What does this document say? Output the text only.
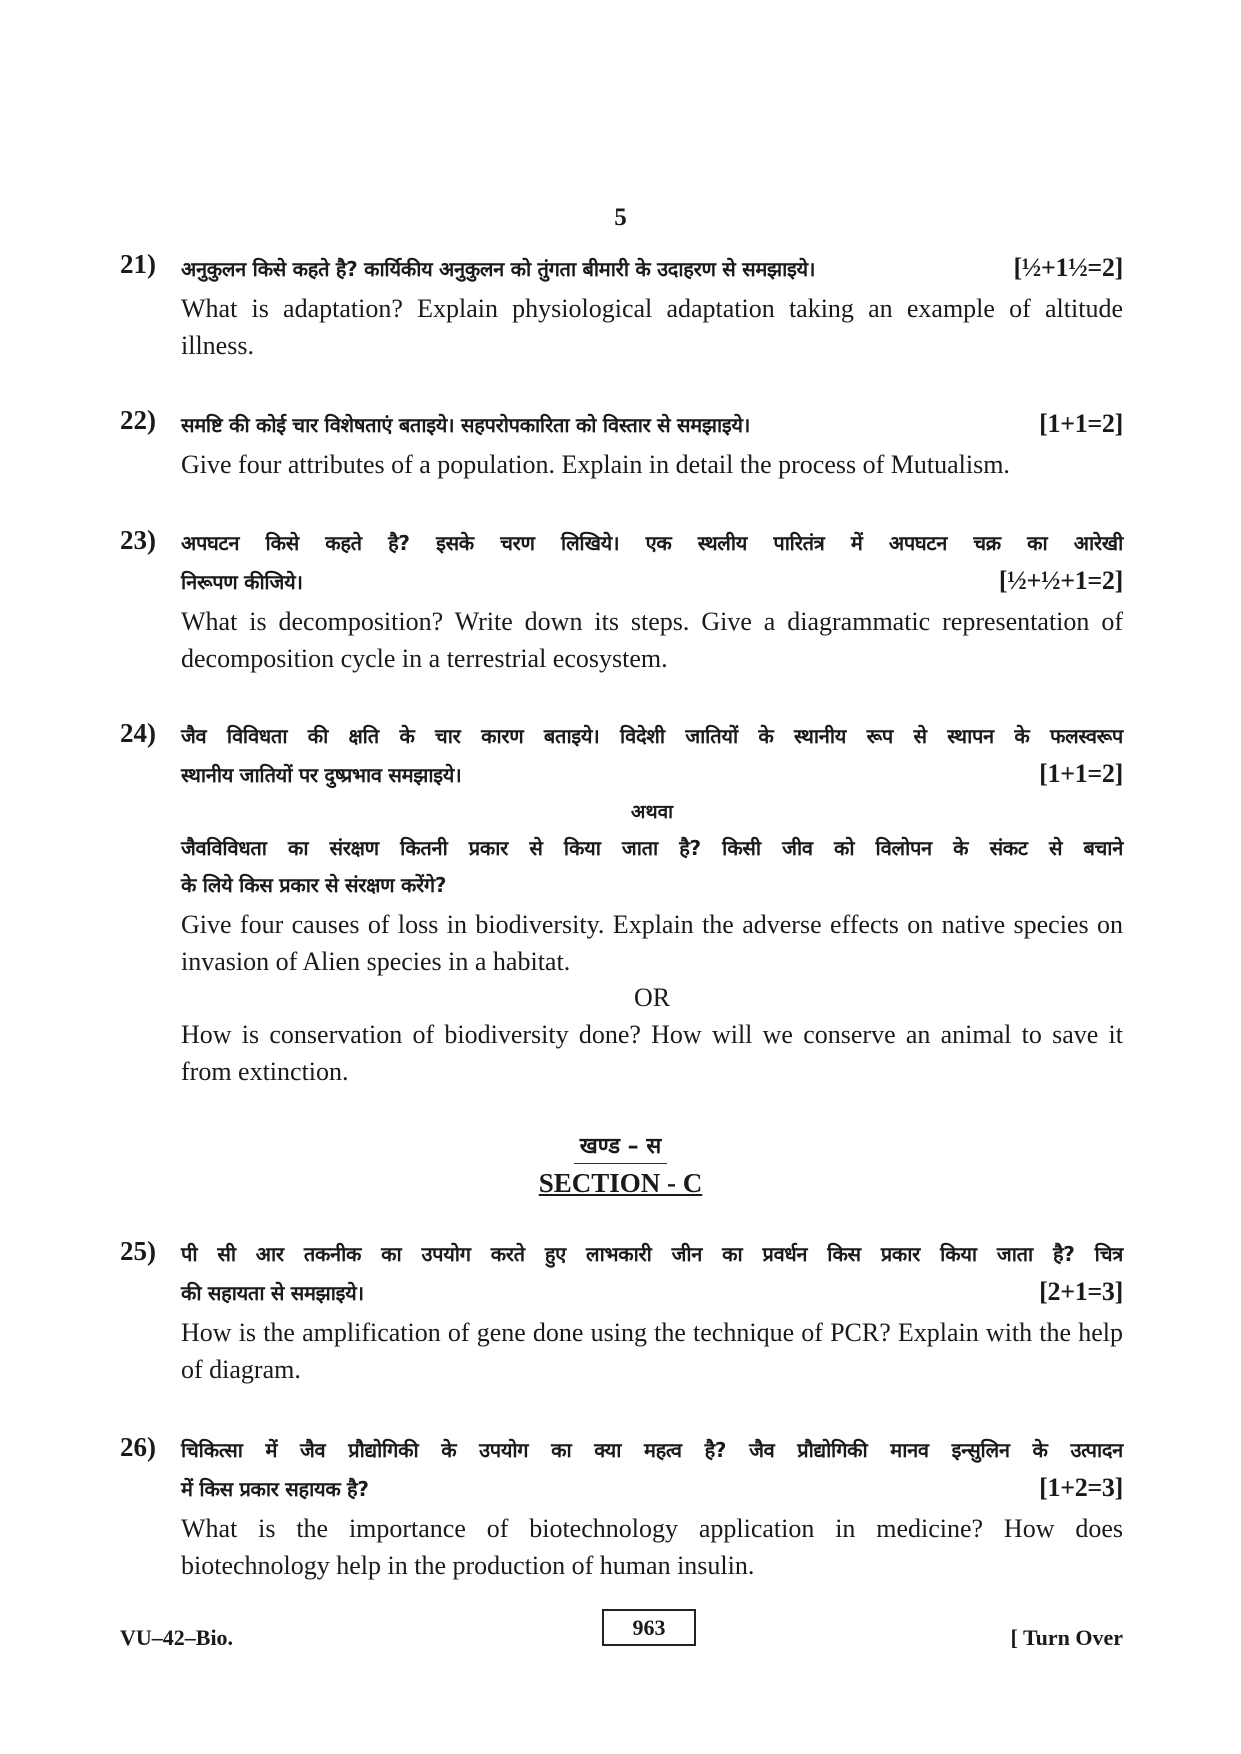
5
21) अनुकुलन किसे कहते है? कार्यिकीय अनुकुलन को तुंगता बीमारी के उदाहरण से समझाइये।	[½+1½=2]
What is adaptation? Explain physiological adaptation taking an example of altitude illness.
22) समष्टि की कोई चार विशेषताएं बताइये। सहपरोपकारिता को विस्तार से समझाइये।	[1+1=2]
Give four attributes of a population. Explain in detail the process of Mutualism.
23) अपघटन किसे कहते है? इसके चरण लिखिये। एक स्थलीय पारितंत्र में अपघटन चक्र का आरेखी
निरूपण कीजिये।	[½+½+1=2]
What is decomposition? Write down its steps. Give a diagrammatic representation of decomposition cycle in a terrestrial ecosystem.
24) जैव विविधता की क्षति के चार कारण बताइये। विदेशी जातियों के स्थानीय रूप से स्थापन के फलस्वरूप
स्थानीय जातियों पर दुष्प्रभाव समझाइये।	[1+1=2]
अथवा
जैवविविधता का संरक्षण कितनी प्रकार से किया जाता है? किसी जीव को विलोपन के संकट से बचाने
के लिये किस प्रकार से संरक्षण करेंगे?
Give four causes of loss in biodiversity. Explain the adverse effects on native species on invasion of Alien species in a habitat.
OR
How is conservation of biodiversity done? How will we conserve an animal to save it from extinction.
खण्ड – स
SECTION - C
25) पी सी आर तकनीक का उपयोग करते हुए लाभकारी जीन का प्रवर्धन किस प्रकार किया जाता है? चित्र
की सहायता से समझाइये।	[2+1=3]
How is the amplification of gene done using the technique of PCR? Explain with the help of diagram.
26) चिकित्सा में जैव प्रौद्योगिकी के उपयोग का क्या महत्व है? जैव प्रौद्योगिकी मानव इन्सुलिन के उत्पादन
में किस प्रकार सहायक है?	[1+2=3]
What is the importance of biotechnology application in medicine? How does biotechnology help in the production of human insulin.
VU–42–Bio.	963	[ Turn Over
